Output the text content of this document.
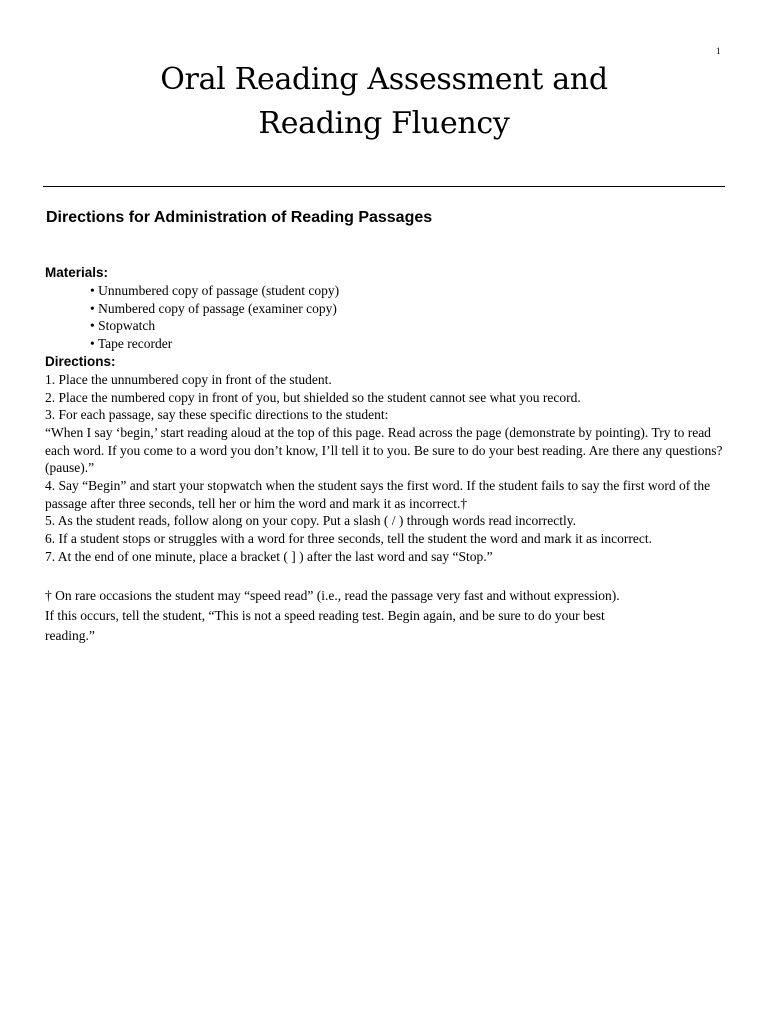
1
Oral Reading Assessment and
Reading Fluency
Directions for Administration of Reading Passages
Materials:
• Unnumbered copy of passage (student copy)
• Numbered copy of passage (examiner copy)
• Stopwatch
• Tape recorder
Directions:
1. Place the unnumbered copy in front of the student.
2. Place the numbered copy in front of you, but shielded so the student cannot see what you record.
3. For each passage, say these specific directions to the student:
“When I say ‘begin,’ start reading aloud at the top of this page. Read across the page (demonstrate by pointing). Try to read each word. If you come to a word you don’t know, I’ll tell it to you. Be sure to do your best reading. Are there any questions? (pause).”
4. Say “Begin” and start your stopwatch when the student says the first word. If the student fails to say the first word of the passage after three seconds, tell her or him the word and mark it as incorrect.†
5. As the student reads, follow along on your copy. Put a slash ( / ) through words read incorrectly.
6. If a student stops or struggles with a word for three seconds, tell the student the word and mark it as incorrect.
7. At the end of one minute, place a bracket ( ] ) after the last word and say “Stop.”

† On rare occasions the student may “speed read” (i.e., read the passage very fast and without expression). If this occurs, tell the student, “This is not a speed reading test. Begin again, and be sure to do your best reading.”
